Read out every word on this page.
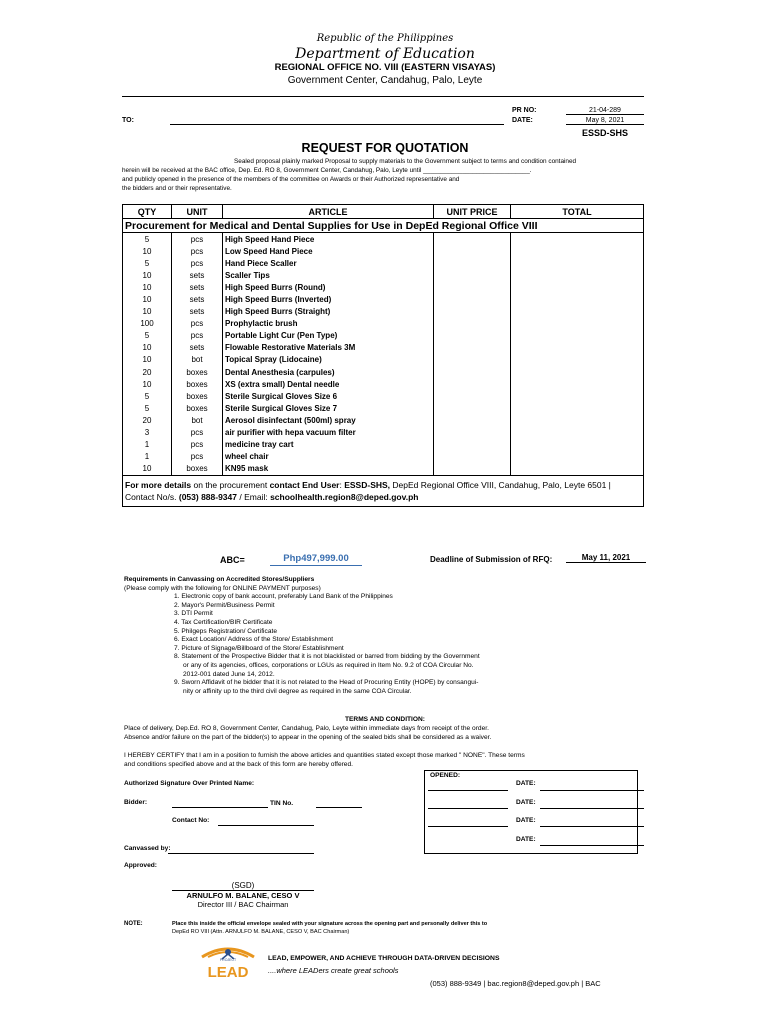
Republic of the Philippines
Department of Education
REGIONAL OFFICE NO. VIII (EASTERN VISAYAS)
Government Center, Candahug, Palo, Leyte
TO:
PR NO:	21-04-289
DATE:	May 8, 2021
ESSD-SHS
REQUEST FOR QUOTATION
Sealed proposal plainly marked Proposal to supply materials to the Government subject to terms and condition contained
herein will be received at the BAC office, Dep. Ed. RO 8, Government Center, Candahug, Palo, Leyte until ______________________________.
and publicly opened in the presence of the members of the committee on Awards or their Authorized representative and
the bidders and or their representative.
QTY	UNIT	ARTICLE	UNIT PRICE	TOTAL
Procurement for Medical and Dental Supplies for Use in DepEd Regional Office VIII				
5	pcs	High Speed Hand Piece		
10	pcs	Low Speed Hand Piece		
5	pcs	Hand Piece Scaller		
10	sets	Scaller Tips		
10	sets	High Speed Burrs (Round)		
10	sets	High Speed Burrs (Inverted)		
10	sets	High Speed Burrs (Straight)		
100	pcs	Prophylactic brush		
5	pcs	Portable Light Cur (Pen Type)		
10	sets	Flowable Restorative Materials 3M		
10	bot	Topical Spray (Lidocaine)		
20	boxes	Dental Anesthesia (carpules)		
10	boxes	XS (extra small) Dental needle		
5	boxes	Sterile Surgical Gloves Size 6		
5	boxes	Sterile Surgical Gloves Size 7		
20	bot	Aerosol disinfectant (500ml) spray		
3	pcs	air purifier with hepa vacuum filter		
1	pcs	medicine tray cart		
1	pcs	wheel chair		
10	boxes	KN95 mask		
For more details on the procurement contact End User: ESSD-SHS, DepEd Regional Office VIII, Candahug, Palo, Leyte 6501 |
Contact No/s. (053) 888-9347 / Email: schoolhealth.region8@deped.gov.ph				
ABC=	Php497,999.00	Deadline of Submission of RFQ:	May 11, 2021
Requirements in Canvassing on Accredited Stores/Suppliers
(Please comply with the following for ONLINE PAYMENT purposes)
1. Electronic copy of bank account, preferably Land Bank of the Philippines
2. Mayor's Permit/Business Permit
3. DTI Permit
4. Tax Certification/BIR Certificate
5. Philgeps Registration/ Certificate
6. Exact Location/ Address of the Store/ Establishment
7. Picture of Signage/Billboard of the Store/ Establishment
8. Statement of the Prospective Bidder that it is not blacklisted or barred from bidding by the Government
or any of its agencies, offices, corporations or LGUs as required in Item No. 9.2 of COA Circular No.
2012-001 dated June 14, 2012.
9. Sworn Affidavit of he bidder that it is not related to the Head of Procuring Entity (HOPE) by consangui-
nity or affinity up to the third civil degree as required in the same COA Circular.
TERMS AND CONDITION:
Place of delivery, Dep.Ed. RO 8, Government Center, Candahug, Palo, Leyte within immediate days from receipt of the order.
Absence and/or failure on the part of the bidder(s) to appear in the opening of the sealed bids shall be considered as a waiver.
I HEREBY CERTIFY that I am in a position to furnish the above articles and quantities stated except those marked " NONE". These terms
and conditions specified above and at the back of this form are hereby offered.
OPENED:
DATE:
DATE:
DATE:
DATE:
Authorized Signature Over Printed Name:
Bidder:	TIN No.
Contact No:
Canvassed by:
Approved:
(SGD)
ARNULFO M. BALANE, CESO V
Director III / BAC Chairman
NOTE:	Place this inside the official envelope sealed with your signature across the opening part and personally deliver this to
DepEd RO VIII (Attn. ARNULFO M. BALANE, CESO V, BAC Chairman)
LEAD
PROJECT	LEAD, EMPOWER, AND ACHIEVE THROUGH DATA-DRIVEN DECISIONS
....where LEADers create great schools
(053) 888-9349 | bac.region8@deped.gov.ph | BAC
